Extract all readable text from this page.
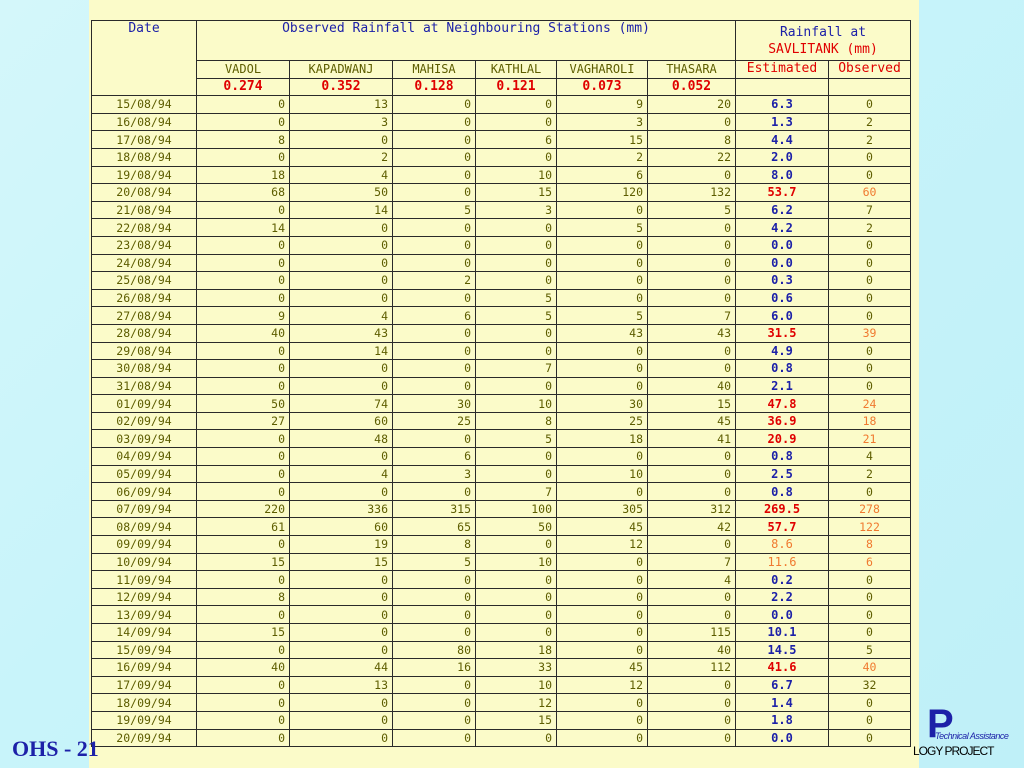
Date	Observed Rainfall at Neighbouring Stations (mm)						Rainfall at
SAVLITANK (mm)	

	VADOL	KAPADWANJ	MAHISA	KATHLAL	VAGHAROLI	THASARA	Estimated	Observed
	0.274	0.352	0.128	0.121	0.073	0.052		
15/08/94	0	13	0	0	9	20	6.3	0
16/08/94	0	3	0	0	3	0	1.3	2
17/08/94	8	0	0	6	15	8	4.4	2
18/08/94	0	2	0	0	2	22	2.0	0
19/08/94	18	4	0	10	6	0	8.0	0
20/08/94	68	50	0	15	120	132	53.7	60
21/08/94	0	14	5	3	0	5	6.2	7
22/08/94	14	0	0	0	5	0	4.2	2
23/08/94	0	0	0	0	0	0	0.0	0
24/08/94	0	0	0	0	0	0	0.0	0
25/08/94	0	0	2	0	0	0	0.3	0
26/08/94	0	0	0	5	0	0	0.6	0
27/08/94	9	4	6	5	5	7	6.0	0
28/08/94	40	43	0	0	43	43	31.5	39
29/08/94	0	14	0	0	0	0	4.9	0
30/08/94	0	0	0	7	0	0	0.8	0
31/08/94	0	0	0	0	0	40	2.1	0
01/09/94	50	74	30	10	30	15	47.8	24
02/09/94	27	60	25	8	25	45	36.9	18
03/09/94	0	48	0	5	18	41	20.9	21
04/09/94	0	0	6	0	0	0	0.8	4
05/09/94	0	4	3	0	10	0	2.5	2
06/09/94	0	0	0	7	0	0	0.8	0
07/09/94	220	336	315	100	305	312	269.5	278
08/09/94	61	60	65	50	45	42	57.7	122
09/09/94	0	19	8	0	12	0	8.6	8
10/09/94	15	15	5	10	0	7	11.6	6
11/09/94	0	0	0	0	0	4	0.2	0
12/09/94	8	0	0	0	0	0	2.2	0
13/09/94	0	0	0	0	0	0	0.0	0
14/09/94	15	0	0	0	0	115	10.1	0
15/09/94	0	0	80	18	0	40	14.5	5
16/09/94	40	44	16	33	45	112	41.6	40
17/09/94	0	13	0	10	12	0	6.7	32
18/09/94	0	0	0	12	0	0	1.4	0
19/09/94	0	0	0	15	0	0	1.8	0
20/09/94	0	0	0	0	0	0	0.0	0
OHS - 21
P
Technical Assistance
LOGY PROJECT
